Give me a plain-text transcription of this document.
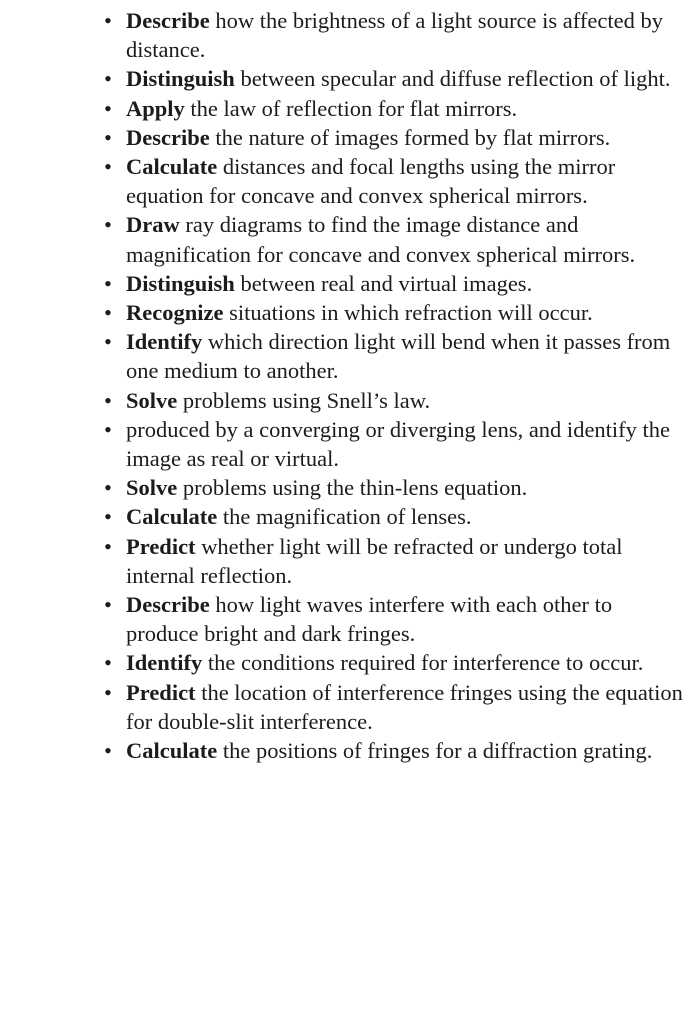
• Describe how the brightness of a light source is affected by distance.
• Distinguish between specular and diffuse reflection of light.
• Apply the law of reflection for flat mirrors.
• Describe the nature of images formed by flat mirrors.
• Calculate distances and focal lengths using the mirror equation for concave and convex spherical mirrors.
• Draw ray diagrams to find the image distance and magnification for concave and convex spherical mirrors.
• Distinguish between real and virtual images.
• Recognize situations in which refraction will occur.
• Identify which direction light will bend when it passes from one medium to another.
• Solve problems using Snell’s law.
• produced by a converging or diverging lens, and identify the image as real or virtual.
• Solve problems using the thin-lens equation.
• Calculate the magnification of lenses.
• Predict whether light will be refracted or undergo total internal reflection.
• Describe how light waves interfere with each other to produce bright and dark fringes.
• Identify the conditions required for interference to occur.
• Predict the location of interference fringes using the equation for double-slit interference.
• Calculate the positions of fringes for a diffraction grating.
